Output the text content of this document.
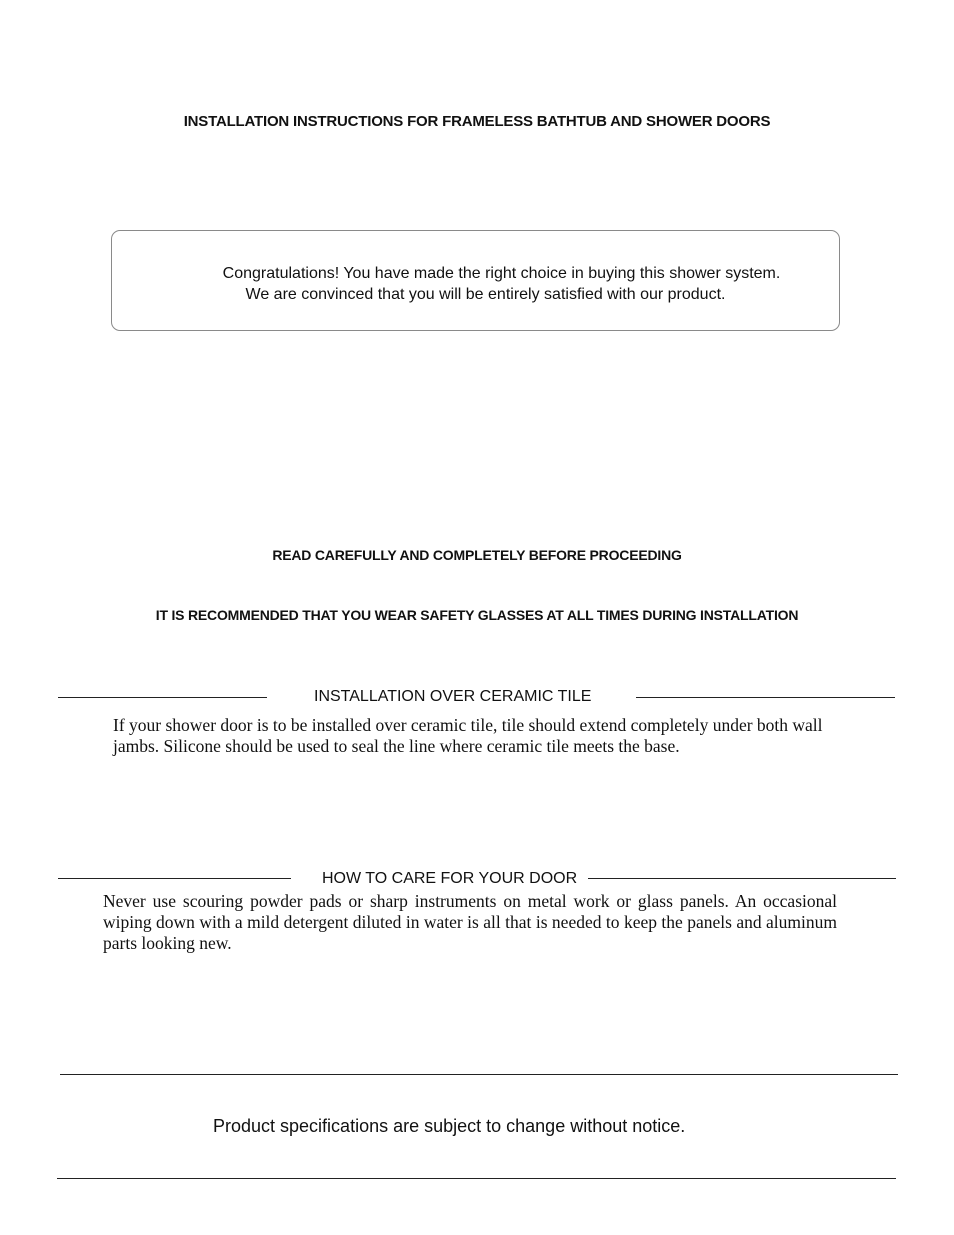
INSTALLATION INSTRUCTIONS FOR FRAMELESS BATHTUB AND SHOWER DOORS
Congratulations! You have made the right choice in buying this shower system.
We are convinced that you will be entirely satisfied with our product.
READ CAREFULLY AND COMPLETELY BEFORE PROCEEDING
IT IS RECOMMENDED THAT YOU WEAR SAFETY GLASSES AT ALL TIMES DURING INSTALLATION
INSTALLATION OVER CERAMIC TILE
If your shower door is to be installed over ceramic tile, tile should extend completely under both wall jambs. Silicone should be used to seal the line where ceramic tile meets the base.
HOW TO CARE FOR YOUR DOOR
Never use scouring powder pads or sharp instruments on metal work or glass panels. An occasional wiping down with a mild detergent diluted in water is all that is needed to keep the panels and aluminum parts looking new.
Product specifications are subject to change without notice.
